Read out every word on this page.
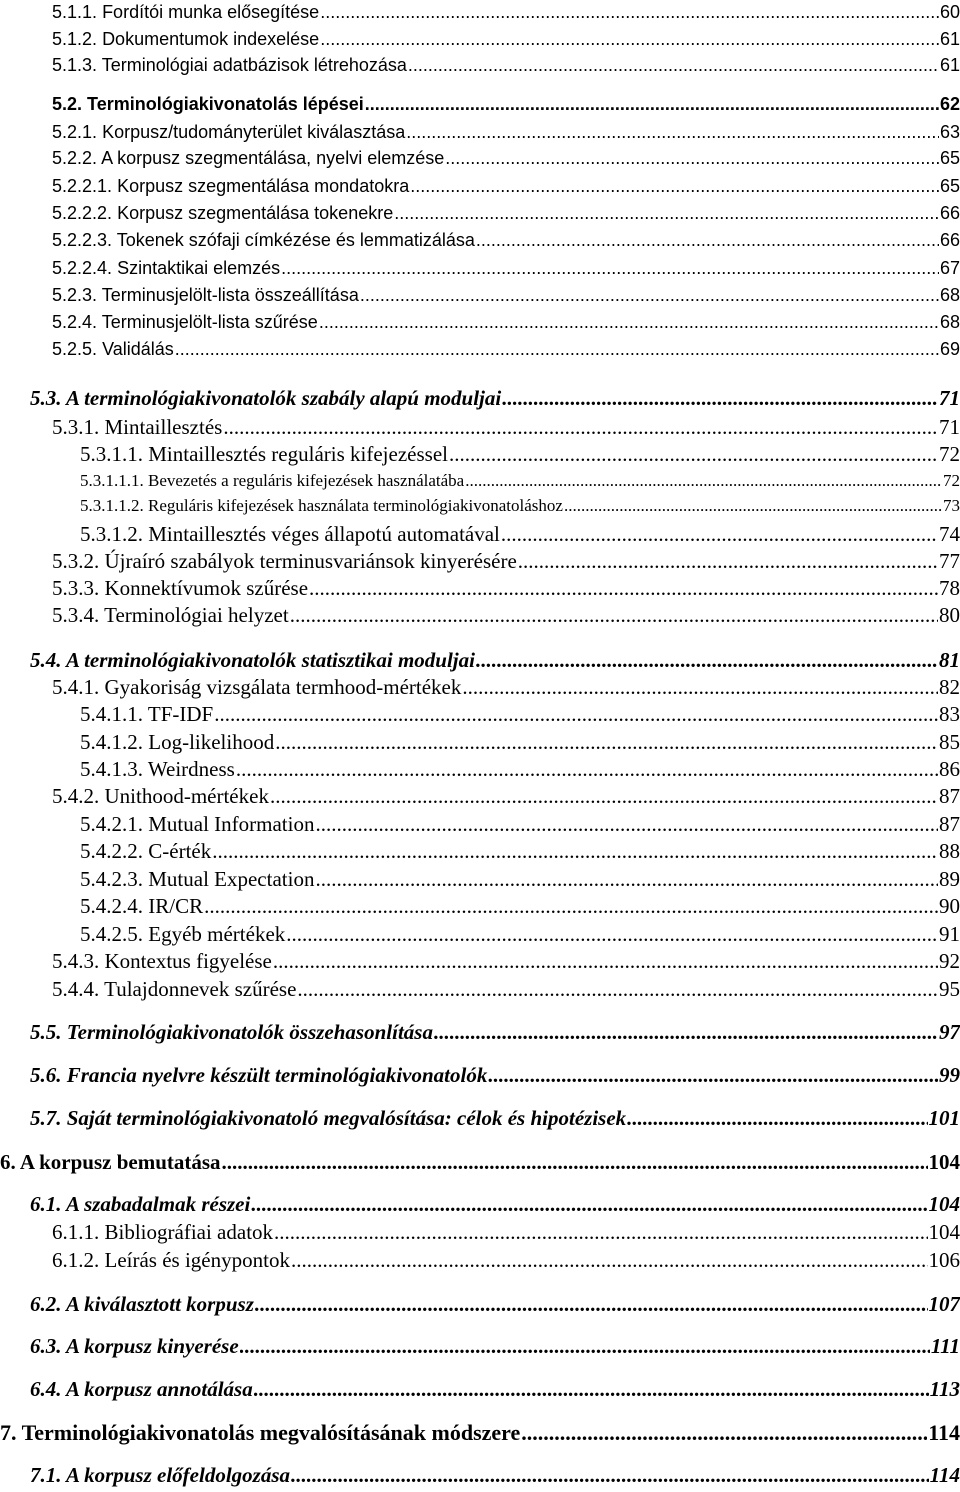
5.1.1. Fordítói munka elősegítése .....	60
5.1.2. Dokumentumok indexelése .....	61
5.1.3. Terminológiai adatbázisok létrehozása .....	61
5.2. Terminológiakivonatolás lépései .....	62
5.2.1. Korpusz/tudományterület kiválasztása .....	63
5.2.2. A korpusz szegmentálása, nyelvi elemzése .....	65
5.2.2.1. Korpusz szegmentálása mondatokra .....	65
5.2.2.2. Korpusz szegmentálása tokenekre .....	66
5.2.2.3. Tokenek szófaji címkézése és lemmatizálása .....	66
5.2.2.4. Szintaktikai elemzés .....	67
5.2.3. Terminusjelölt-lista összeállítása .....	68
5.2.4. Terminusjelölt-lista szűrése .....	68
5.2.5. Validálás .....	69
5.3. A terminológiakivonatolók szabály alapú moduljai .....	71
5.3.1. Mintaillesztés .....	71
5.3.1.1. Mintaillesztés reguláris kifejezéssel .....	72
5.3.1.1.1. Bevezetés a reguláris kifejezések használatába .....	72
5.3.1.1.2. Reguláris kifejezések használata terminológiakivonatoláshoz .....	73
5.3.1.2. Mintaillesztés véges állapotú automatával .....	74
5.3.2. Újraíró szabályok terminusvariánsok kinyerésére .....	77
5.3.3. Konnektívumok szűrése .....	78
5.3.4. Terminológiai helyzet .....	80
5.4. A terminológiakivonatolók statisztikai moduljai .....	81
5.4.1. Gyakoriság vizsgálata termhood-mértékek .....	82
5.4.1.1. TF-IDF .....	83
5.4.1.2. Log-likelihood .....	85
5.4.1.3. Weirdness .....	86
5.4.2. Unithood-mértékek .....	87
5.4.2.1. Mutual Information .....	87
5.4.2.2. C-érték .....	88
5.4.2.3. Mutual Expectation .....	89
5.4.2.4. IR/CR .....	90
5.4.2.5. Egyéb mértékek .....	91
5.4.3. Kontextus figyelése .....	92
5.4.4. Tulajdonnevek szűrése .....	95
5.5. Terminológiakivonatolók összehasonlítása .....	97
5.6. Francia nyelvre készült terminológiakivonatolók .....	99
5.7. Saját terminológiakivonatoló megvalósítása: célok és hipotézisek .....	101
6. A korpusz bemutatása .....	104
6.1. A szabadalmak részei .....	104
6.1.1. Bibliográfiai adatok .....	104
6.1.2. Leírás és igénypontok .....	106
6.2. A kiválasztott korpusz .....	107
6.3. A korpusz kinyerése .....	111
6.4. A korpusz annotálása .....	113
7. Terminológiakivonatolás megvalósításának módszere .....	114
7.1. A korpusz előfeldolgozása .....	114
